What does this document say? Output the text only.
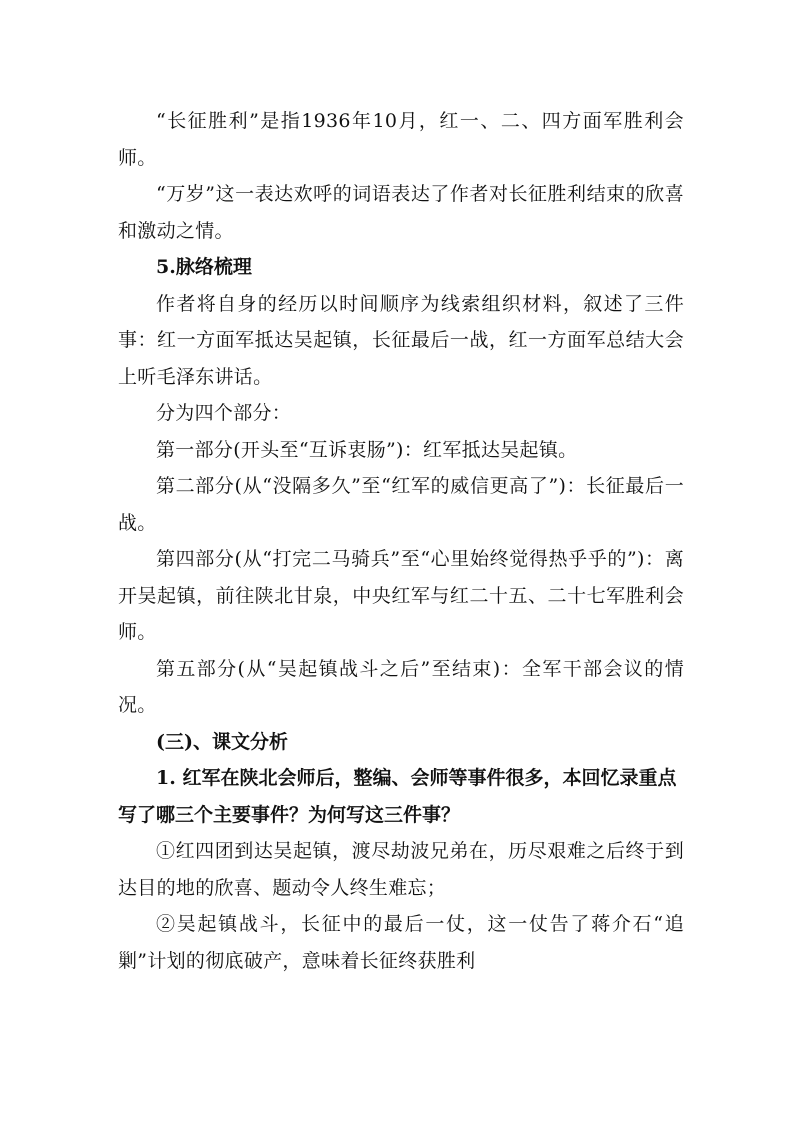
“长征胜利”是指1936年10月，红一、二、四方面军胜利会师。

“万岁”这一表达欢呼的词语表达了作者对长征胜利结束的欣喜和激动之情。

5.脉络梳理

作者将自身的经历以时间顺序为线索组织材料，叙述了三件事：红一方面军抵达吴起镇，长征最后一战，红一方面军总结大会上听毛泽东讲话。

分为四个部分：

第一部分(开头至“互诉衷肠”)：红军抵达吴起镇。

第二部分(从“没隔多久”至“红军的威信更高了”)：长征最后一战。

第四部分(从“打完二马骑兵”至“心里始终觉得热乎乎的”)：离开吴起镇，前往陕北甘泉，中央红军与红二十五、二十七军胜利会师。

第五部分(从“吴起镇战斗之后”至结束)：全军干部会议的情况。

(三)、课文分析

1. 红军在陕北会师后，整编、会师等事件很多，本回忆录重点写了哪三个主要事件？为何写这三件事？

①红四团到达吴起镇，渡尽劫波兄弟在，历尽艰难之后终于到达目的地的欣喜、题动令人终生难忘；

②吴起镇战斗，长征中的最后一仗，这一仗告了蒋介石“追剿”计划的彻底破产，意味着长征终获胜利
